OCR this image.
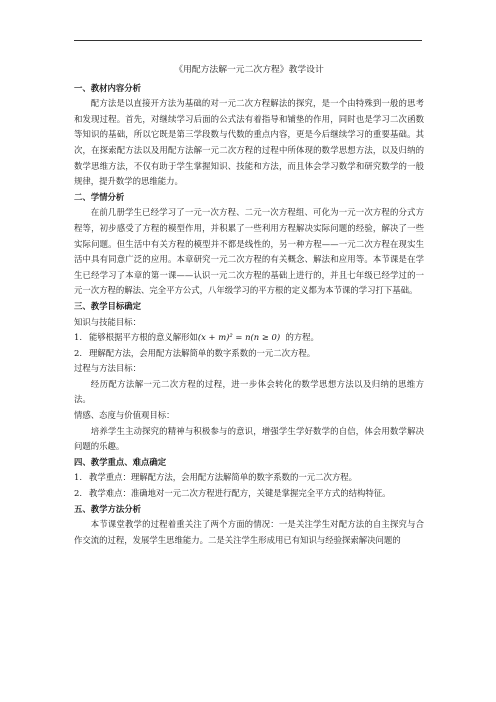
《用配方法解一元二次方程》教学设计

一、教材内容分析

配方法是以直接开方法为基础的对一元二次方程解法的探究，是一个由特殊到一般的思考和发现过程。首先，对继续学习后面的公式法有着指导和铺垫的作用，同时也是学习二次函数等知识的基础，所以它既是第三学段数与代数的重点内容，更是今后继续学习的重要基础。其次，在探索配方法以及用配方法解一元二次方程的过程中所体现的数学思想方法，以及归纳的数学思维方法，不仅有助于学生掌握知识、技能和方法，而且体会学习数学和研究数学的一般规律，提升数学的思维能力。

二、学情分析

在前几册学生已经学习了一元一次方程、二元一次方程组、可化为一元一次方程的分式方程等，初步感受了方程的模型作用，并积累了一些利用方程解决实际问题的经验，解决了一些实际问题。但生活中有关方程的模型并不都是线性的，另一种方程——一元二次方程在现实生活中具有同意广泛的应用。本章研究一元二次方程的有关概念、解法和应用等。本节课是在学生已经学习了本章的第一课——认识一元二次方程的基础上进行的，并且七年级已经学过的一元一次方程的解法、完全平方公式，八年级学习的平方根的定义都为本节课的学习打下基础。

三、教学目标确定

知识与技能目标：

1. 能够根据平方根的意义解形如(x + m)² = n(n ≥ 0) 的方程。

2. 理解配方法，会用配方法解简单的数字系数的一元二次方程。

过程与方法目标：

经历配方法解一元二次方程的过程，进一步体会转化的数学思想方法以及归纳的思维方法。

情感、态度与价值观目标：

培养学生主动探究的精神与积极参与的意识，增强学生学好数学的自信，体会用数学解决问题的乐趣。

四、教学重点、难点确定

1. 教学重点：理解配方法，会用配方法解简单的数字系数的一元二次方程。

2. 教学难点：准确地对一元二次方程进行配方，关键是掌握完全平方式的结构特征。

五、教学方法分析

本节课堂教学的过程着重关注了两个方面的情况：一是关注学生对配方法的自主探究与合作交流的过程，发展学生思维能力。二是关注学生形成用已有知识与经验探索解决问题的
